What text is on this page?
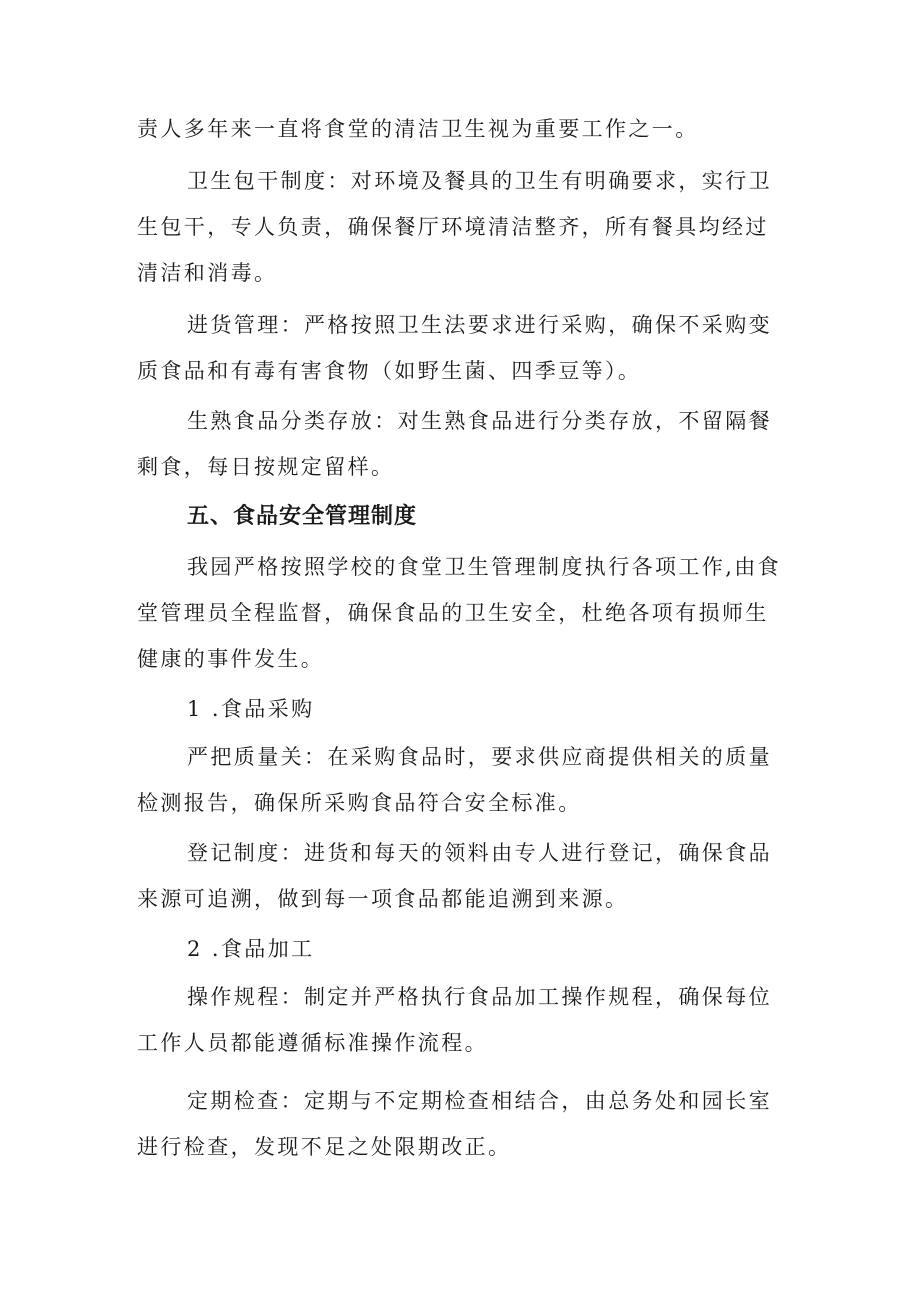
责人多年来一直将食堂的清洁卫生视为重要工作之一。

卫生包干制度：对环境及餐具的卫生有明确要求，实行卫生包干，专人负责，确保餐厅环境清洁整齐，所有餐具均经过清洁和消毒。

进货管理：严格按照卫生法要求进行采购，确保不采购变质食品和有毒有害食物（如野生菌、四季豆等）。

生熟食品分类存放：对生熟食品进行分类存放，不留隔餐剩食，每日按规定留样。

五、食品安全管理制度

我园严格按照学校的食堂卫生管理制度执行各项工作,由食堂管理员全程监督，确保食品的卫生安全，杜绝各项有损师生健康的事件发生。

1 .食品采购

严把质量关：在采购食品时，要求供应商提供相关的质量检测报告，确保所采购食品符合安全标准。

登记制度：进货和每天的领料由专人进行登记，确保食品来源可追溯，做到每一项食品都能追溯到来源。

2 .食品加工

操作规程：制定并严格执行食品加工操作规程，确保每位工作人员都能遵循标准操作流程。

定期检查：定期与不定期检查相结合，由总务处和园长室进行检查，发现不足之处限期改正。
